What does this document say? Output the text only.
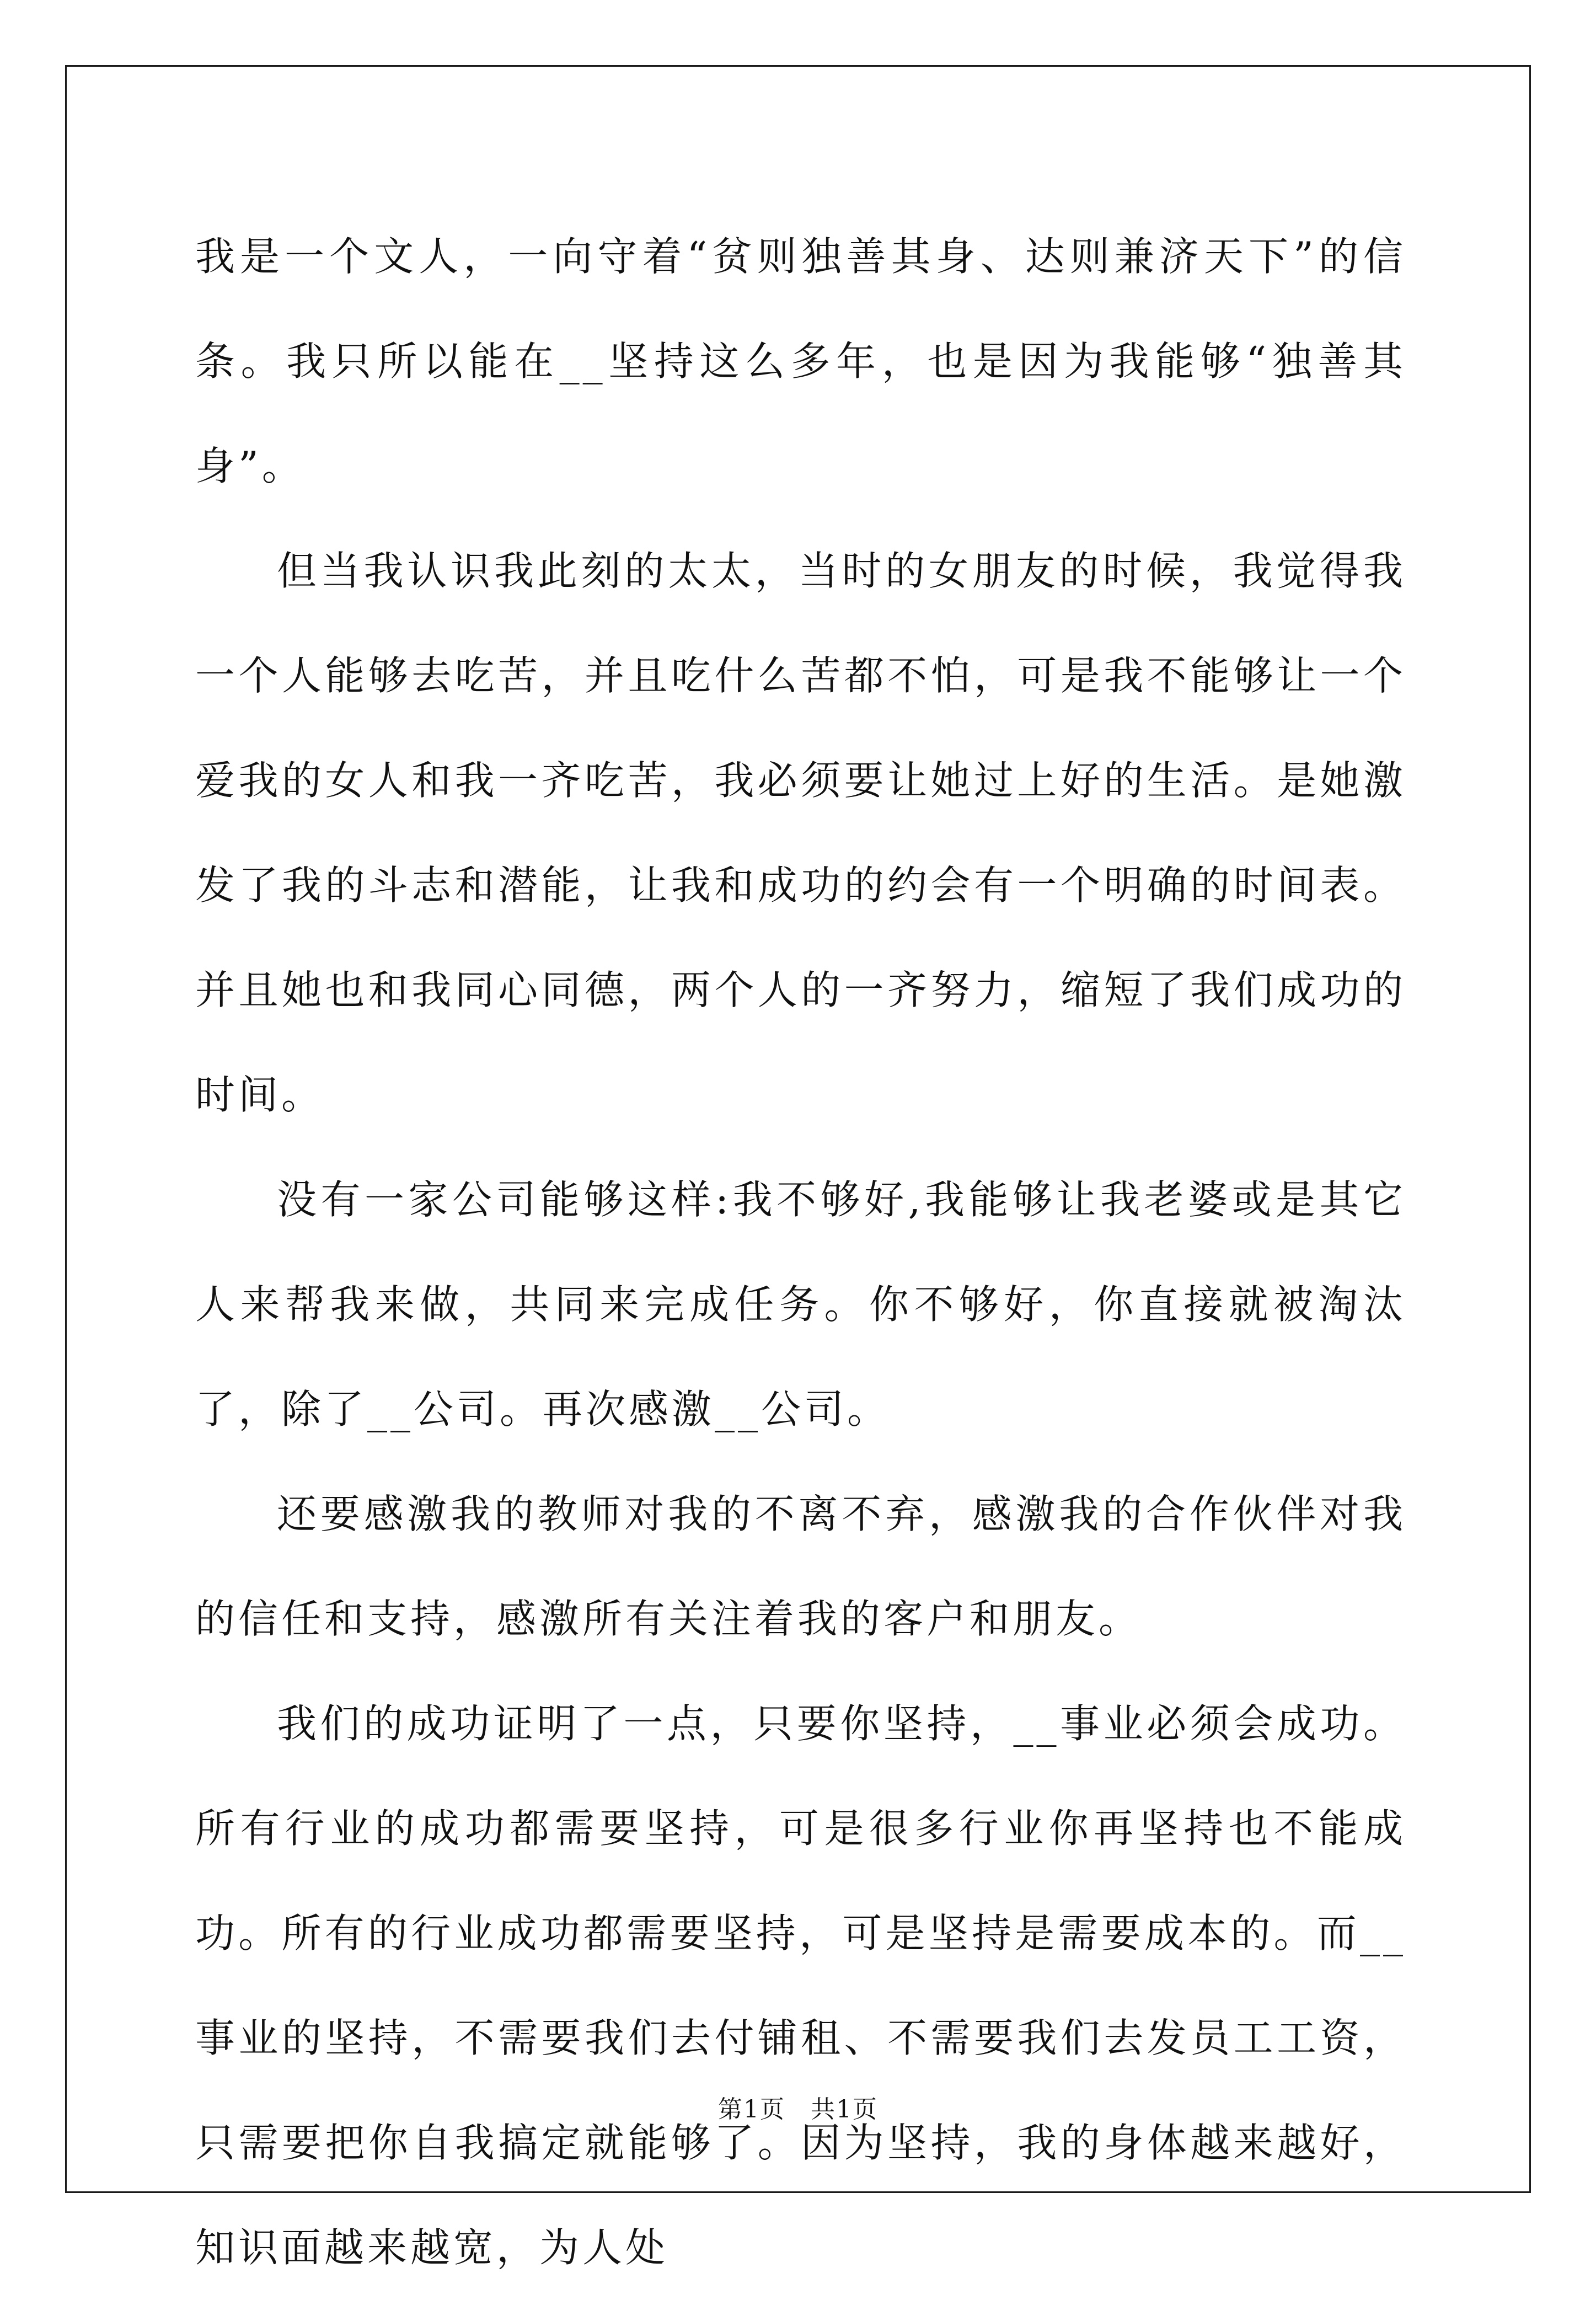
我是一个文人，一向守着“贫则独善其身、达则兼济天下”的信条。我只所以能在__坚持这么多年，也是因为我能够“独善其身”。

但当我认识我此刻的太太，当时的女朋友的时候，我觉得我一个人能够去吃苦，并且吃什么苦都不怕，可是我不能够让一个爱我的女人和我一齐吃苦，我必须要让她过上好的生活。是她激发了我的斗志和潜能，让我和成功的约会有一个明确的时间表。并且她也和我同心同德，两个人的一齐努力，缩短了我们成功的时间。

没有一家公司能够这样:我不够好,我能够让我老婆或是其它人来帮我来做，共同来完成任务。你不够好，你直接就被淘汰了，除了__公司。再次感激__公司。

还要感激我的教师对我的不离不弃，感激我的合作伙伴对我的信任和支持，感激所有关注着我的客户和朋友。

我们的成功证明了一点，只要你坚持，__事业必须会成功。所有行业的成功都需要坚持，可是很多行业你再坚持也不能成功。所有的行业成功都需要坚持，可是坚持是需要成本的。而__事业的坚持，不需要我们去付铺租、不需要我们去发员工工资，只需要把你自我搞定就能够了。因为坚持，我的身体越来越好，知识面越来越宽，为人处

第1页　共1页
